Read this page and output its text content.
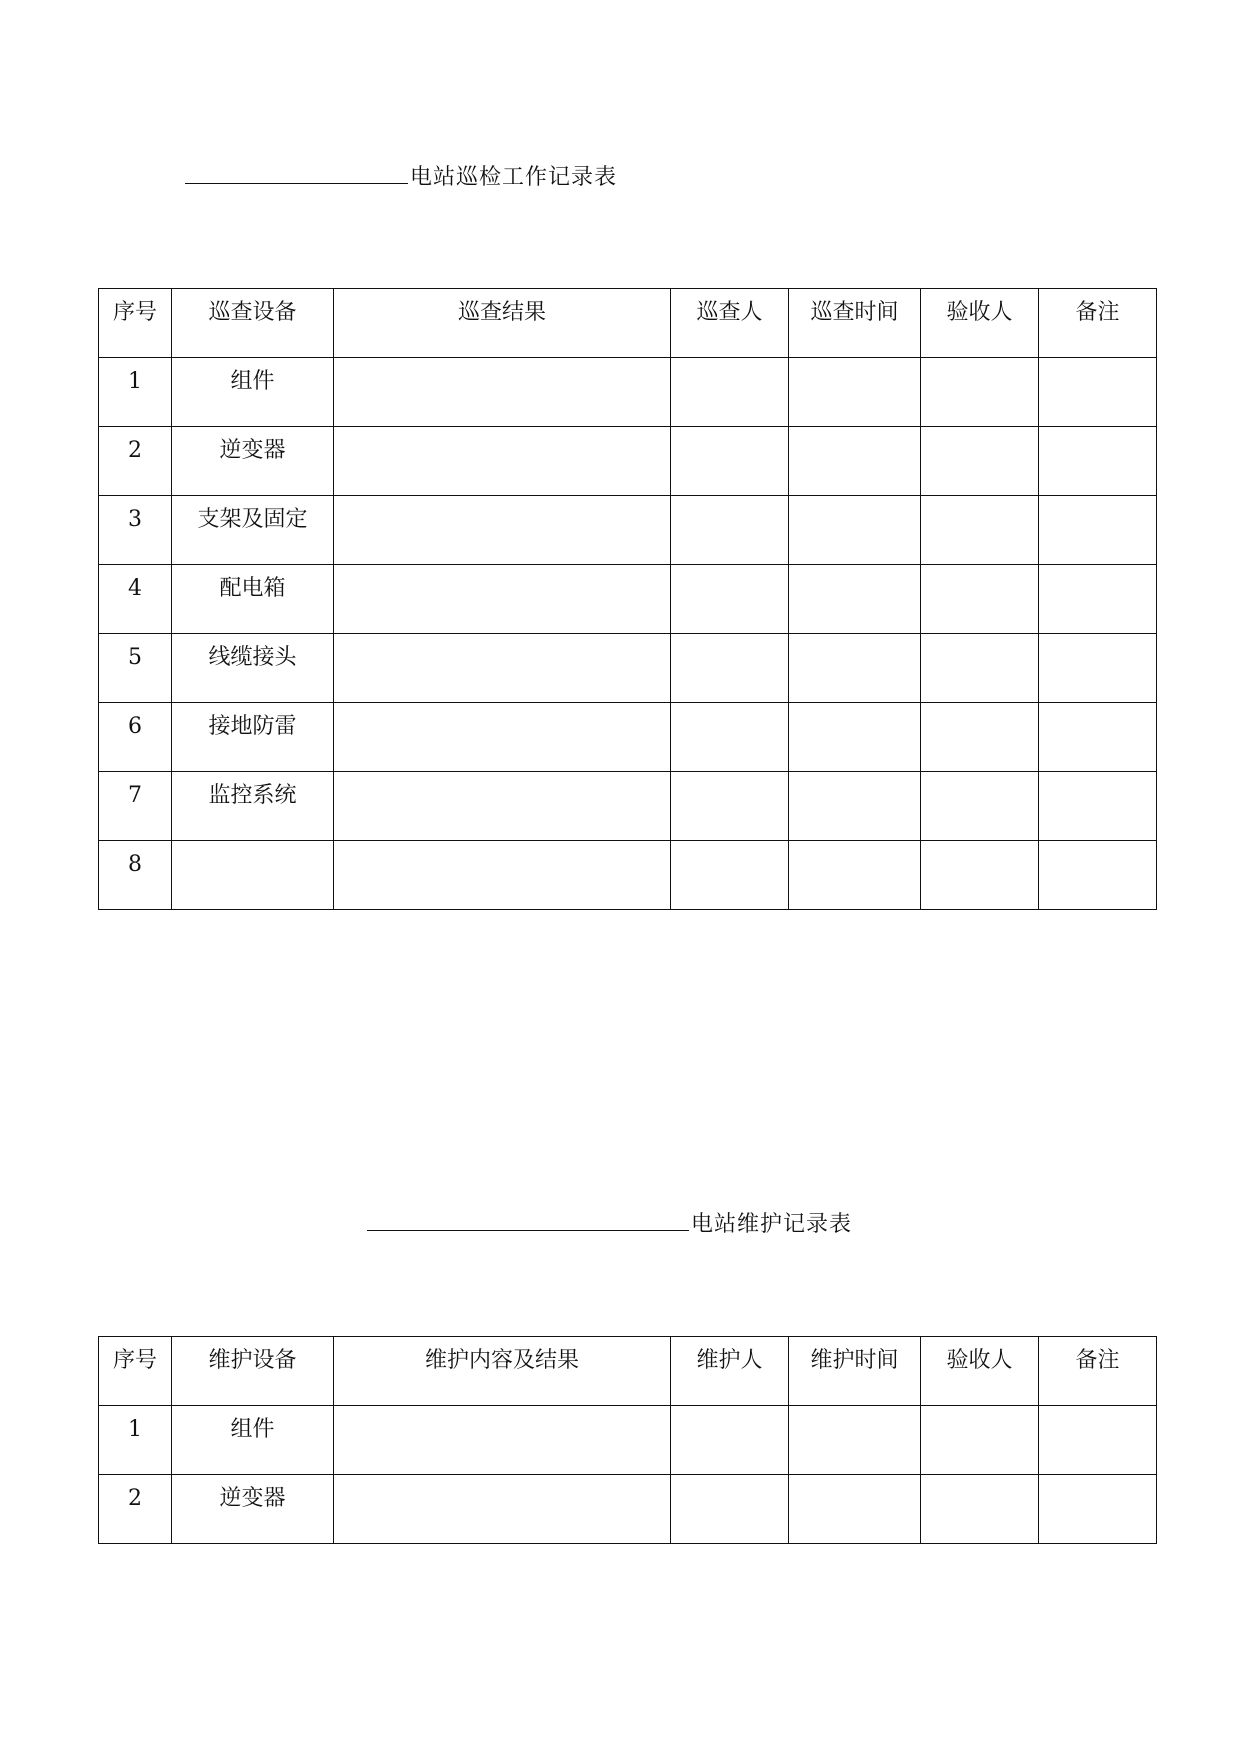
电站巡检工作记录表
序号	巡查设备	巡查结果	巡查人	巡查时间	验收人	备注

1	组件					

2	逆变器					

3	支架及固定					

4	配电箱					

5	线缆接头					

6	接地防雷					

7	监控系统					

8						

电站维护记录表
序号	维护设备	维护内容及结果	维护人	维护时间	验收人	备注

1	组件					

2	逆变器					
